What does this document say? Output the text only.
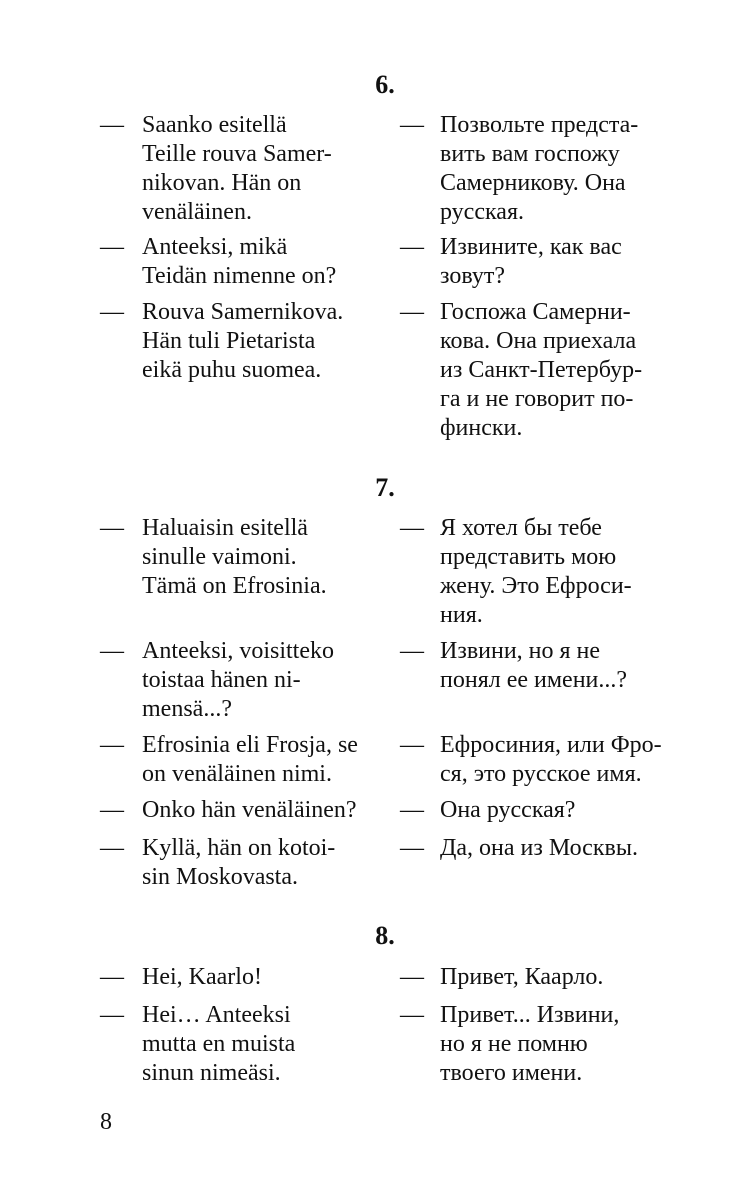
6.
— Saanko esitellä
Teille rouva Samer-
nikovan. Hän on
venäläinen.
— Позвольте предста-
вить вам госпожу
Самерникову. Она
русская.
— Anteeksi, mikä
Teidän nimenne on?
— Извините, как вас
зовут?
— Rouva Samernikova.
Hän tuli Pietarista
eikä puhu suomea.
— Госпожа Самерни-
кова. Она приехала
из Санкт-Петербур-
га и не говорит по-
фински.
7.
— Haluaisin esitellä
sinulle vaimoni.
Tämä on Efrosinia.
— Я хотел бы тебе
представить мою
жену. Это Ефроси-
ния.
— Anteeksi, voisitteko
toistaa hänen ni-
mensä...?
— Извини, но я не
понял ее имени...?
— Efrosinia eli Frosja, se
on venäläinen nimi.
— Ефросиния, или Фро-
ся, это русское имя.
— Onko hän venäläinen? — Она русская?
— Kyllä, hän on kotoi-
sin Moskovasta.
— Да, она из Москвы.
8.
— Hei, Kaarlo!	— Привет, Каарло.
— Hei… Anteeksi
mutta en muista
sinun nimeäsi.
— Привет... Извини,
но я не помню
твоего имени.
8
